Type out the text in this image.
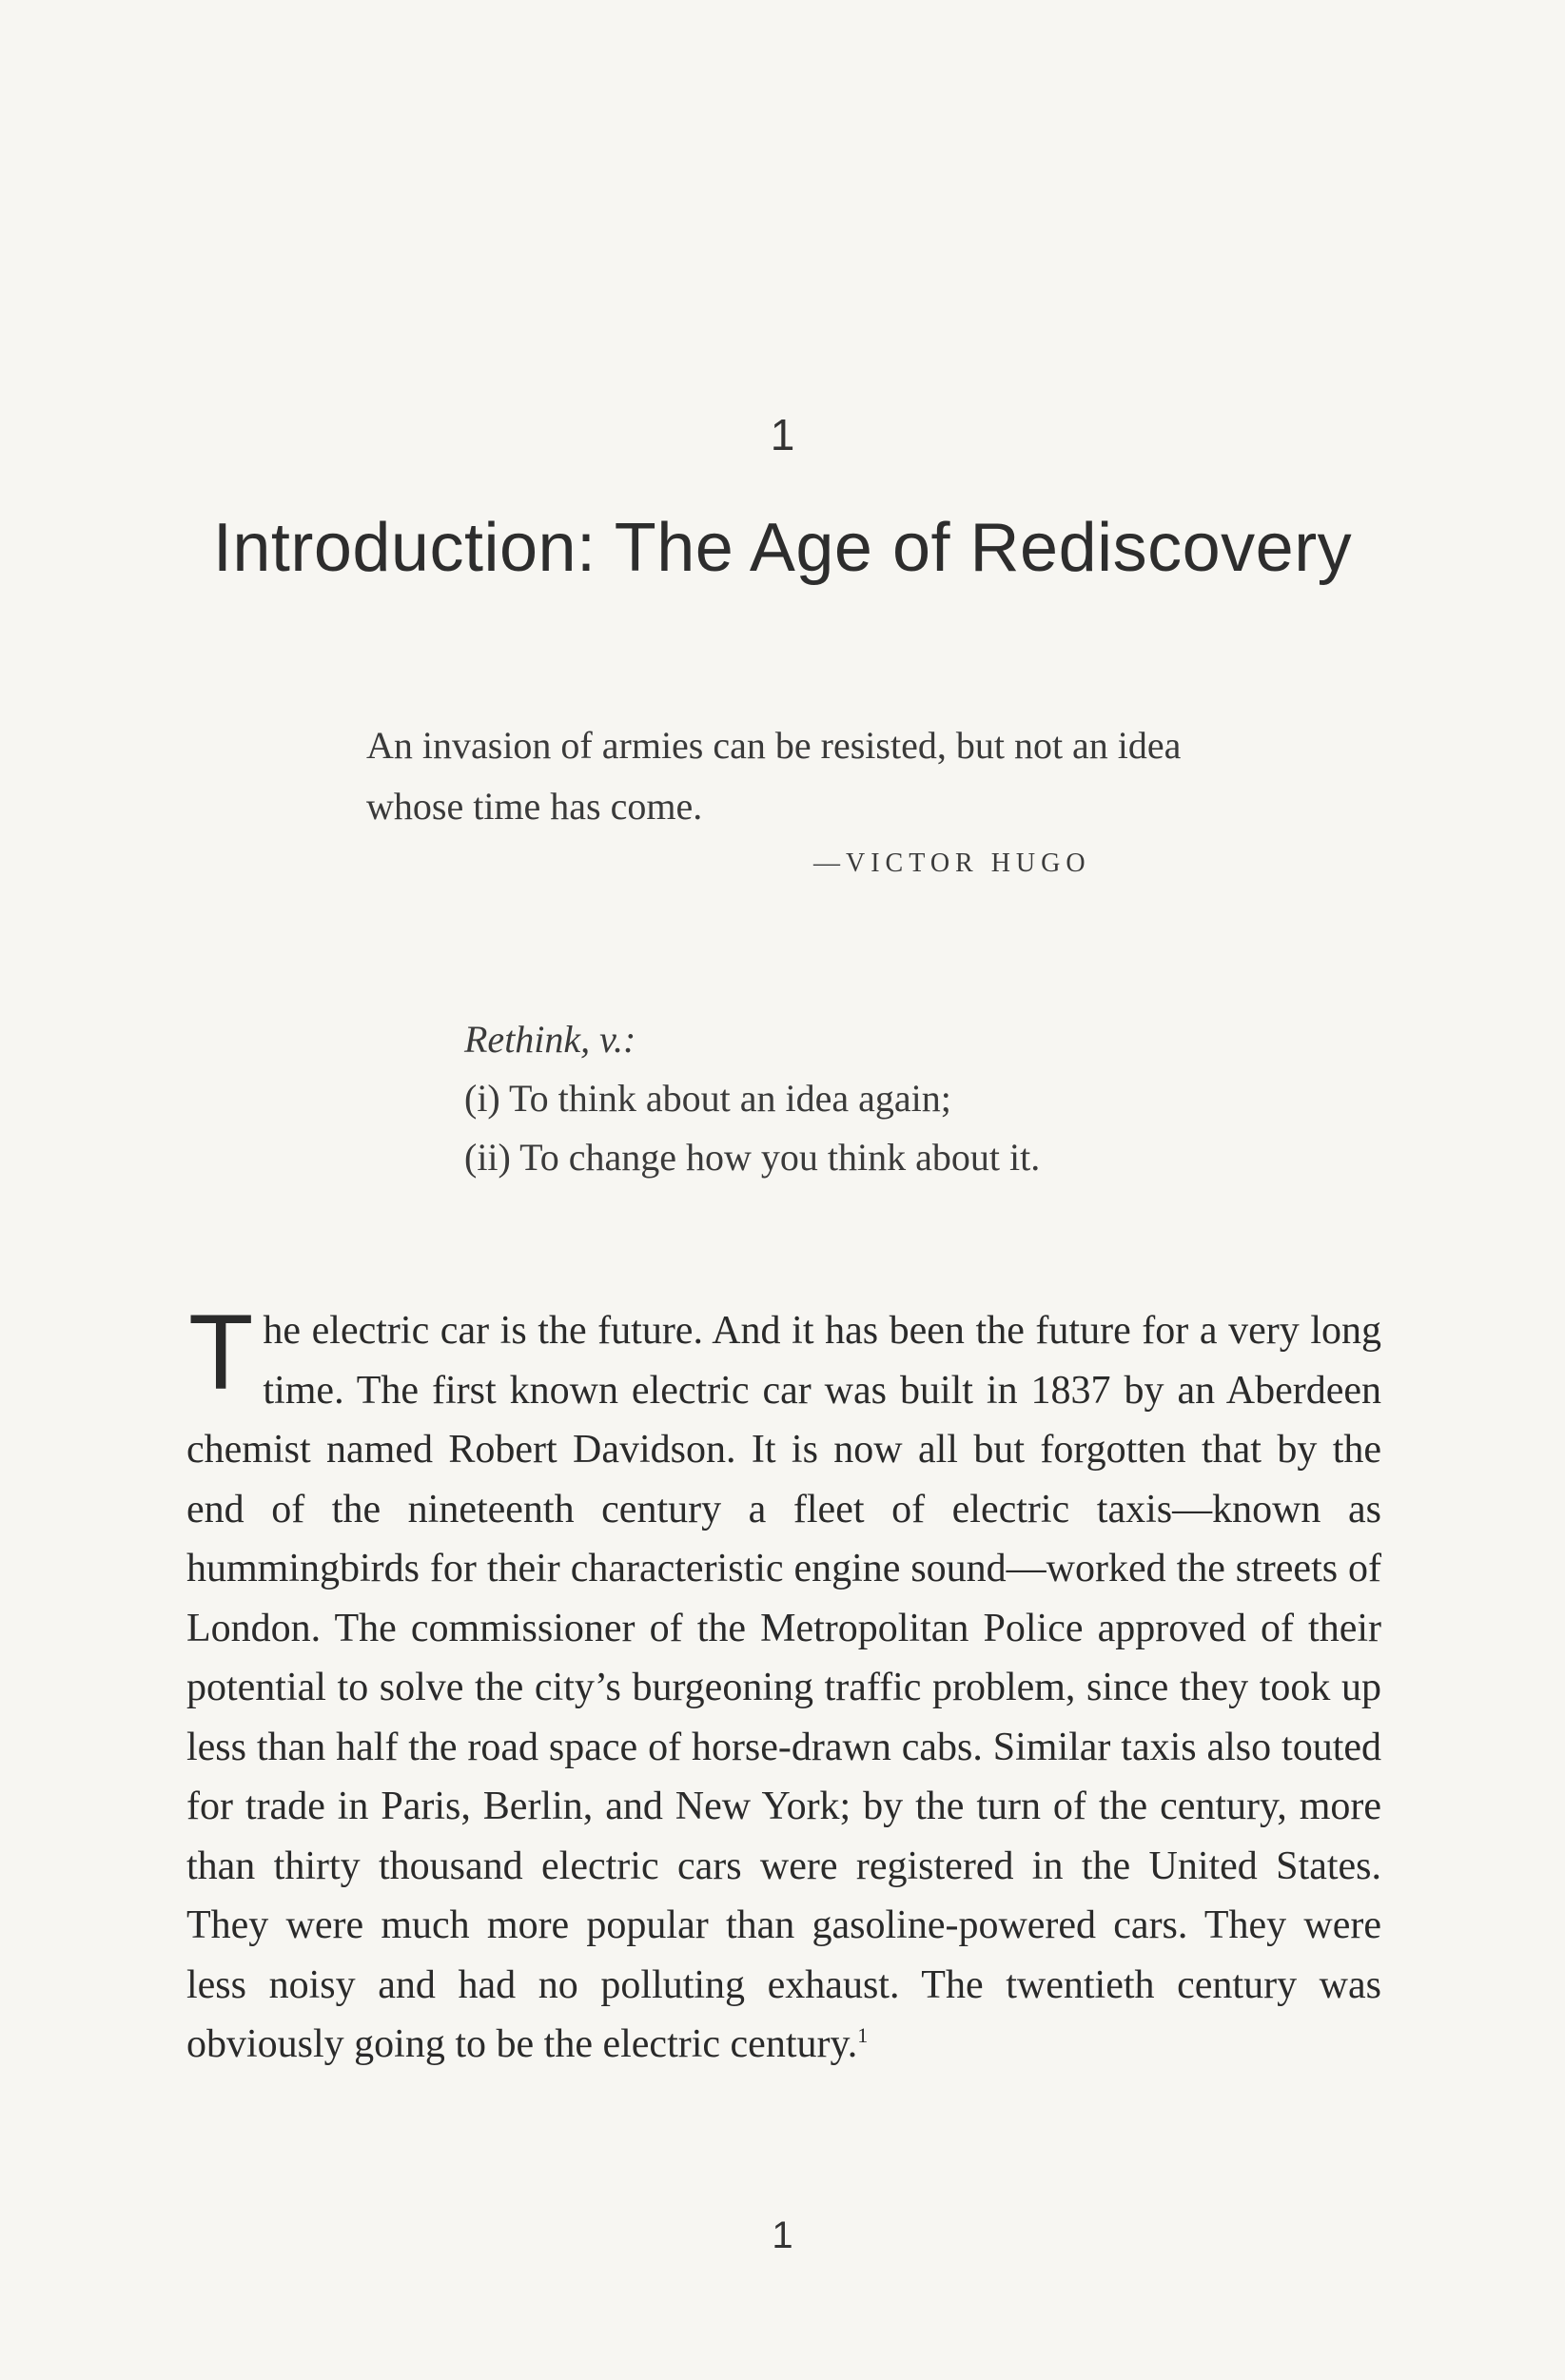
1
Introduction: The Age of Rediscovery
An invasion of armies can be resisted, but not an idea whose time has come.
—VICTOR HUGO
Rethink, v.:
(i) To think about an idea again;
(ii) To change how you think about it.
The electric car is the future. And it has been the future for a very long time. The first known electric car was built in 1837 by an Aberdeen chemist named Robert Davidson. It is now all but forgotten that by the end of the nineteenth century a fleet of electric taxis—known as hummingbirds for their characteristic engine sound—worked the streets of London. The commissioner of the Metropolitan Police approved of their potential to solve the city’s burgeoning traffic problem, since they took up less than half the road space of horse-drawn cabs. Similar taxis also touted for trade in Paris, Berlin, and New York; by the turn of the century, more than thirty thousand electric cars were registered in the United States. They were much more popular than gasoline-powered cars. They were less noisy and had no polluting exhaust. The twentieth century was obviously going to be the electric century.$^1$
1
